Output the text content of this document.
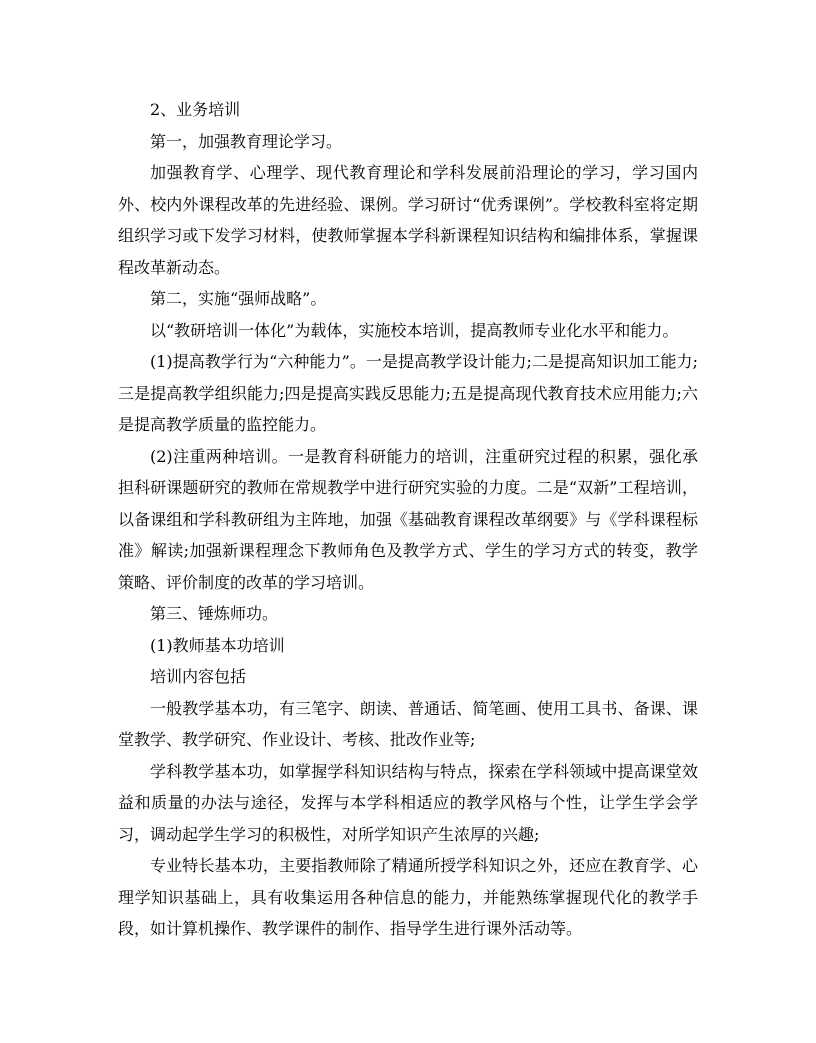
2、业务培训

第一，加强教育理论学习。

加强教育学、心理学、现代教育理论和学科发展前沿理论的学习，学习国内外、校内外课程改革的先进经验、课例。学习研讨“优秀课例”。学校教科室将定期组织学习或下发学习材料，使教师掌握本学科新课程知识结构和编排体系，掌握课程改革新动态。

第二，实施“强师战略”。

以“教研培训一体化”为载体，实施校本培训，提高教师专业化水平和能力。

(1)提高教学行为“六种能力”。一是提高教学设计能力;二是提高知识加工能力;三是提高教学组织能力;四是提高实践反思能力;五是提高现代教育技术应用能力;六是提高教学质量的监控能力。

(2)注重两种培训。一是教育科研能力的培训，注重研究过程的积累，强化承担科研课题研究的教师在常规教学中进行研究实验的力度。二是“双新”工程培训，以备课组和学科教研组为主阵地，加强《基础教育课程改革纲要》与《学科课程标准》解读;加强新课程理念下教师角色及教学方式、学生的学习方式的转变，教学策略、评价制度的改革的学习培训。

第三、锤炼师功。

(1)教师基本功培训

培训内容包括

一般教学基本功，有三笔字、朗读、普通话、简笔画、使用工具书、备课、课堂教学、教学研究、作业设计、考核、批改作业等;

学科教学基本功，如掌握学科知识结构与特点，探索在学科领域中提高课堂效益和质量的办法与途径，发挥与本学科相适应的教学风格与个性，让学生学会学习，调动起学生学习的积极性，对所学知识产生浓厚的兴趣;

专业特长基本功，主要指教师除了精通所授学科知识之外，还应在教育学、心理学知识基础上，具有收集运用各种信息的能力，并能熟练掌握现代化的教学手段，如计算机操作、教学课件的制作、指导学生进行课外活动等。
